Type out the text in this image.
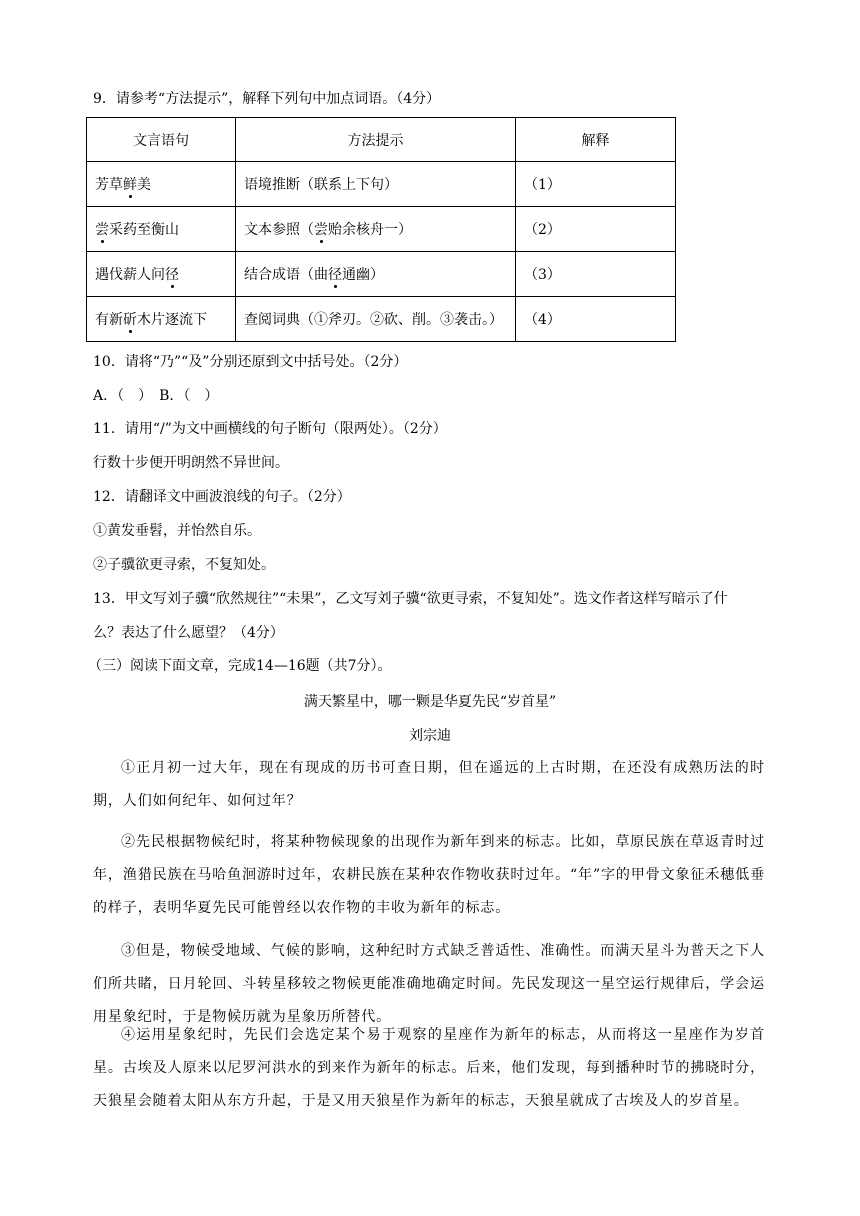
9．请参考“方法提示”，解释下列句中加点词语。（4分）
文言语句	方法提示	解释
芳草鲜美	语境推断（联系上下句）	（1）
尝采药至衡山	文本参照（尝贻余核舟一）	（2）
遇伐薪人问径	结合成语（曲径通幽）	（3）
有新斫木片逐流下	查阅词典（①斧刃。②砍、削。③袭击。）	（4）
10．请将“乃”“及”分别还原到文中括号处。（2分）
A．（　）　B．（　）
11．请用“/”为文中画横线的句子断句（限两处）。（2分）
行数十步便开明朗然不异世间。
12．请翻译文中画波浪线的句子。（2分）
①黄发垂髫，并怡然自乐。
②子骥欲更寻索，不复知处。
13．甲文写刘子骥“欣然规往”“未果”，乙文写刘子骥“欲更寻索，不复知处”。选文作者这样写暗示了什
么？表达了什么愿望？（4分）
（三）阅读下面文章，完成14—16题（共7分）。
满天繁星中，哪一颗是华夏先民“岁首星”
刘宗迪
①正月初一过大年，现在有现成的历书可查日期，但在遥远的上古时期，在还没有成熟历法的时期，人们如何纪年、如何过年？
②先民根据物候纪时，将某种物候现象的出现作为新年到来的标志。比如，草原民族在草返青时过年，渔猎民族在马哈鱼洄游时过年，农耕民族在某种农作物收获时过年。“年”字的甲骨文象征禾穗低垂的样子，表明华夏先民可能曾经以农作物的丰收为新年的标志。
③但是，物候受地域、气候的影响，这种纪时方式缺乏普适性、准确性。而满天星斗为普天之下人们所共睹，日月轮回、斗转星移较之物候更能准确地确定时间。先民发现这一星空运行规律后，学会运用星象纪时，于是物候历就为星象历所替代。
④运用星象纪时，先民们会选定某个易于观察的星座作为新年的标志，从而将这一星座作为岁首星。古埃及人原来以尼罗河洪水的到来作为新年的标志。后来，他们发现，每到播种时节的拂晓时分，天狼星会随着太阳从东方升起，于是又用天狼星作为新年的标志，天狼星就成了古埃及人的岁首星。
